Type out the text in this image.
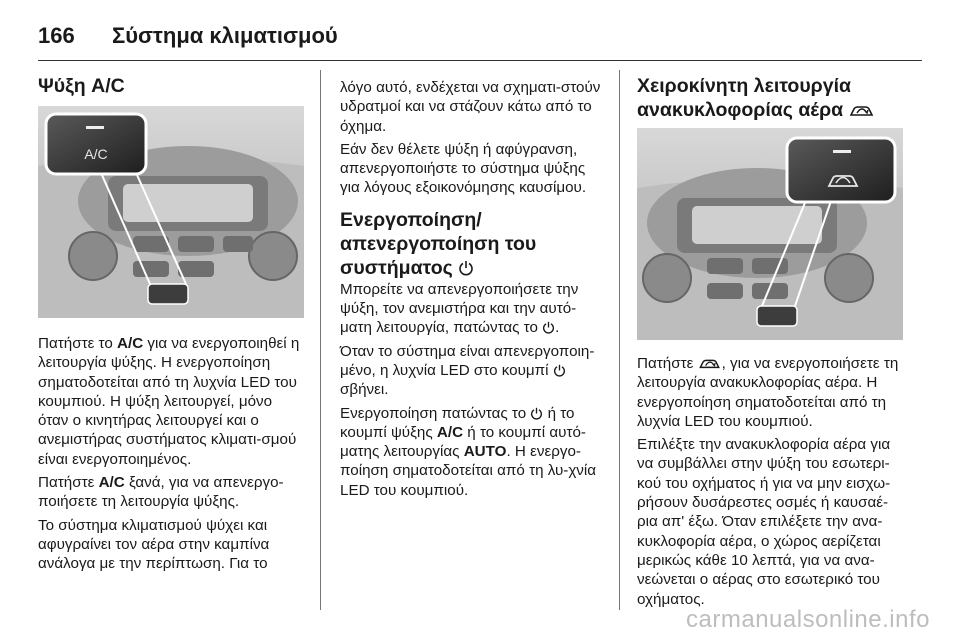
166	Σύστημα κλιματισμού
Ψύξη A/C
A/C

Πατήστε το A/C για να ενεργοποιηθεί η λειτουργία ψύξης. Η ενεργοποίηση σηματοδοτείται από τη λυχνία LED του κουμπιού. Η ψύξη λειτουργεί, μόνο όταν ο κινητήρας λειτουργεί και ο ανεμιστήρας συστήματος κλιματι-σμού είναι ενεργοποιημένος.

Πατήστε A/C ξανά, για να απενεργο-ποιήσετε τη λειτουργία ψύξης.

Το σύστημα κλιματισμού ψύχει και αφυγραίνει τον αέρα στην καμπίνα ανάλογα με την περίπτωση. Για το

λόγο αυτό, ενδέχεται να σχηματι-στούν υδρατμοί και να στάζουν κάτω από το όχημα.

Εάν δεν θέλετε ψύξη ή αφύγρανση, απενεργοποιήστε το σύστημα ψύξης για λόγους εξοικονόμησης καυσίμου.

Ενεργοποίηση/
απενεργοποίηση του
συστήματος

Μπορείτε να απενεργοποιήσετε την ψύξη, τον ανεμιστήρα και την αυτό-ματη λειτουργία, πατώντας το .

Όταν το σύστημα είναι απενεργοποιη-μένο, η λυχνία LED στο κουμπί  σβήνει.

Ενεργοποίηση πατώντας το  ή το κουμπί ψύξης A/C ή το κουμπί αυτό-ματης λειτουργίας AUTO. Η ενεργο-ποίηση σηματοδοτείται από τη λυ-χνία LED του κουμπιού.

Χειροκίνητη λειτουργία
ανακυκλοφορίας αέρα

Πατήστε , για να ενεργοποιήσετε τη λειτουργία ανακυκλοφορίας αέρα. Η ενεργοποίηση σηματοδοτείται από τη λυχνία LED του κουμπιού.

Επιλέξτε την ανακυκλοφορία αέρα για να συμβάλλει στην ψύξη του εσωτερι-κού του οχήματος ή για να μην εισχω-ρήσουν δυσάρεστες οσμές ή καυσαέ-ρια απ' έξω. Όταν επιλέξετε την ανα-κυκλοφορία αέρα, ο χώρος αερίζεται μερικώς κάθε 10 λεπτά, για να ανα-νεώνεται ο αέρας στο εσωτερικό του οχήματος.

carmanualsonline.info
